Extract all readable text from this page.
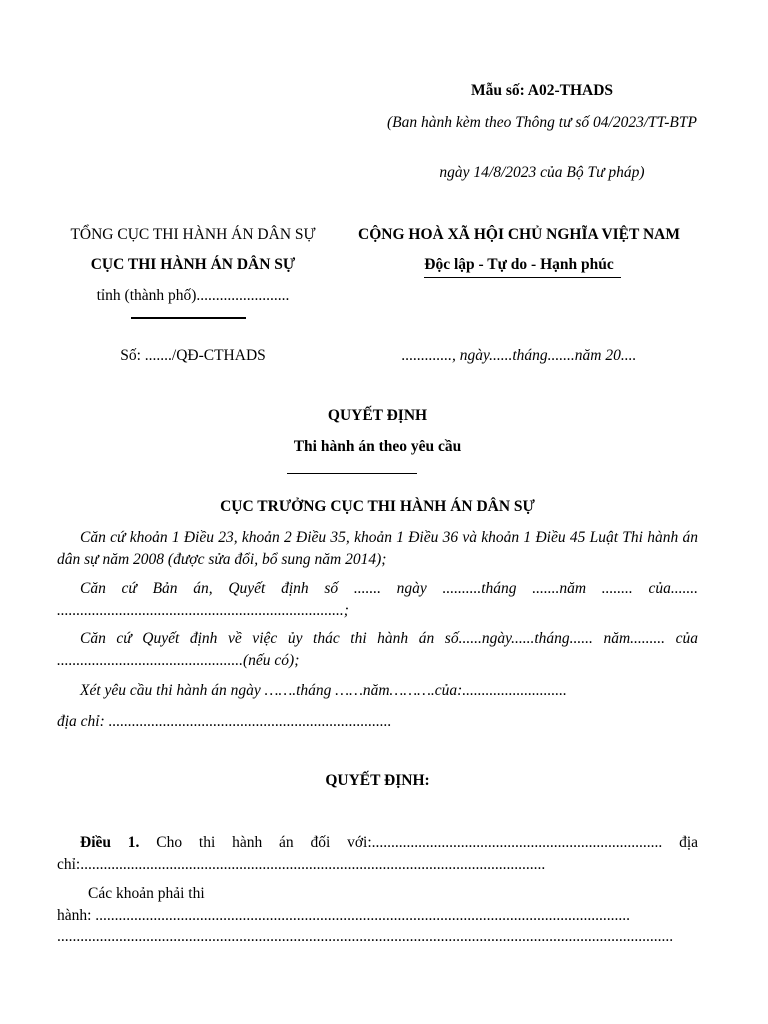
Mẫu số: A02-THADS
(Ban hành kèm theo Thông tư số 04/2023/TT-BTP
ngày 14/8/2023 của Bộ Tư pháp)
TỔNG CỤC THI HÀNH ÁN DÂN SỰ
CỤC THI HÀNH ÁN DÂN SỰ
tỉnh (thành phố)........................
CỘNG HOÀ XÃ HỘI CHỦ NGHĨA VIỆT NAM
Độc lập - Tự do - Hạnh phúc
Số: ......./QĐ-CTHADS	............., ngày......tháng.......năm 20....
QUYẾT ĐỊNH
Thi hành án theo yêu cầu
CỤC TRƯỞNG CỤC THI HÀNH ÁN DÂN SỰ
Căn cứ khoản 1 Điều 23, khoản 2 Điều 35, khoản 1 Điều 36 và khoản 1 Điều 45 Luật Thi hành án dân sự năm 2008 (được sửa đổi, bổ sung năm 2014);
Căn cứ Bản án, Quyết định số ....... ngày ..........tháng .......năm ........ của....... ..........................................................................;
Căn cứ Quyết định về việc ủy thác thi hành án số......ngày......tháng...... năm......... của ................................................(nếu có);
Xét yêu cầu thi hành án ngày …….tháng ……năm……….của:...........................
địa chỉ: .........................................................................
QUYẾT ĐỊNH:
Điều 1. Cho thi hành án đối với:........................................................................... địa chỉ:........................................................................................................................
Các khoản phải thi
hành: ..........................................................................................................................................
...............................................................................................................................................................
